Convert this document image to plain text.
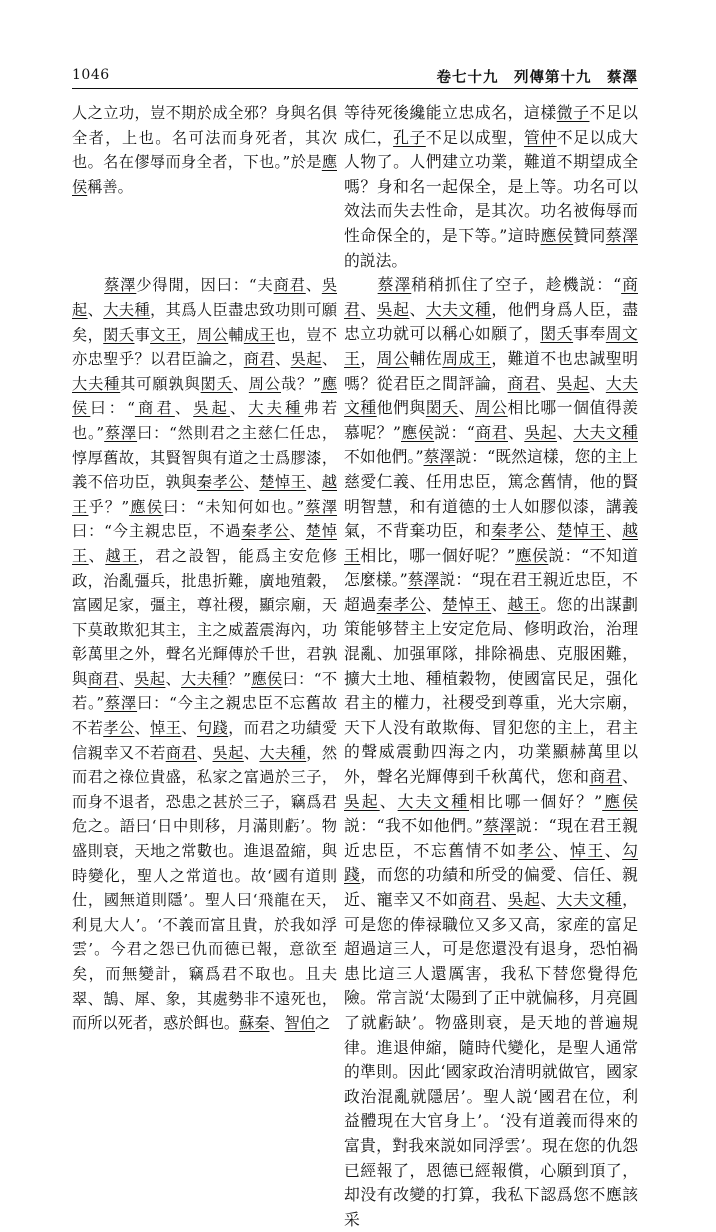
1046	卷七十九　列傳第十九　蔡澤

人之立功，豈不期於成全邪？身與名俱全者，上也。名可法而身死者，其次也。名在僇辱而身全者，下也。”於是應侯稱善。

　　蔡澤少得閒，因曰：“夫商君、吳起、大夫種，其爲人臣盡忠致功則可願矣，閎夭事文王，周公輔成王也，豈不亦忠聖乎？以君臣論之，商君、吳起、大夫種其可願孰與閎夭、周公哉？”應侯曰：“商君、吳起、大夫種弗若也。”蔡澤曰：“然則君之主慈仁任忠，惇厚舊故，其賢智與有道之士爲膠漆，義不倍功臣，孰與秦孝公、楚悼王、越王乎？”應侯曰：“未知何如也。”蔡澤曰：“今主親忠臣，不過秦孝公、楚悼王、越王，君之設智，能爲主安危修政，治亂彊兵，批患折難，廣地殖穀，富國足家，彊主，尊社稷，顯宗廟，天下莫敢欺犯其主，主之威蓋震海內，功彰萬里之外，聲名光輝傳於千世，君孰與商君、吳起、大夫種？”應侯曰：“不若。”蔡澤曰：“今主之親忠臣不忘舊故不若孝公、悼王、句踐，而君之功績愛信親幸又不若商君、吳起、大夫種，然而君之祿位貴盛，私家之富過於三子，而身不退者，恐患之甚於三子，竊爲君危之。語曰‘日中則移，月滿則虧’。物盛則衰，天地之常數也。進退盈縮，與時變化，聖人之常道也。故‘國有道則仕，國無道則隱’。聖人曰‘飛龍在天，利見大人’。‘不義而富且貴，於我如浮雲’。今君之怨已仇而德已報，意欲至矣，而無變計，竊爲君不取也。且夫翠、鵠、犀、象，其處勢非不遠死也，而所以死者，惑於餌也。蘇秦、智伯之

等待死後纔能立忠成名，這樣微子不足以成仁，孔子不足以成聖，管仲不足以成大人物了。人們建立功業，難道不期望成全嗎？身和名一起保全，是上等。功名可以效法而失去性命，是其次。功名被侮辱而性命保全的，是下等。”這時應侯贊同蔡澤的説法。

　　蔡澤稍稍抓住了空子，趁機説：“商君、吳起、大夫文種，他們身爲人臣，盡忠立功就可以稱心如願了，閎夭事奉周文王，周公輔佐周成王，難道不也忠誠聖明嗎？從君臣之間評論，商君、吳起、大夫文種他們與閎夭、周公相比哪一個值得羨慕呢？”應侯説：“商君、吳起、大夫文種不如他們。”蔡澤説：“既然這樣，您的主上慈愛仁義、任用忠臣，篤念舊情，他的賢明智慧，和有道德的士人如膠似漆，講義氣，不背棄功臣，和秦孝公、楚悼王、越王相比，哪一個好呢？”應侯説：“不知道怎麼樣。”蔡澤説：“現在君王親近忠臣，不超過秦孝公、楚悼王、越王。您的出謀劃策能够替主上安定危局、修明政治，治理混亂、加强軍隊，排除禍患、克服困難，擴大土地、種植穀物，使國富民足，强化君主的權力，社稷受到尊重，光大宗廟，天下人没有敢欺侮、冒犯您的主上，君主的聲威震動四海之内，功業顯赫萬里以外，聲名光輝傳到千秋萬代，您和商君、吳起、大夫文種相比哪一個好？”應侯説：“我不如他們。”蔡澤説：“現在君王親近忠臣，不忘舊情不如孝公、悼王、勾踐，而您的功績和所受的偏愛、信任、親近、寵幸又不如商君、吳起、大夫文種，可是您的俸禄職位又多又高，家産的富足超過這三人，可是您還没有退身，恐怕禍患比這三人還厲害，我私下替您覺得危險。常言説‘太陽到了正中就偏移，月亮圓了就虧缺’。物盛則衰，是天地的普遍規律。進退伸縮，隨時代變化，是聖人通常的準則。因此‘國家政治清明就做官，國家政治混亂就隱居’。聖人説‘國君在位，利益體現在大官身上’。‘没有道義而得來的富貴，對我來説如同浮雲’。現在您的仇怨已經報了，恩德已經報償，心願到頂了，却没有改變的打算，我私下認爲您不應該采
